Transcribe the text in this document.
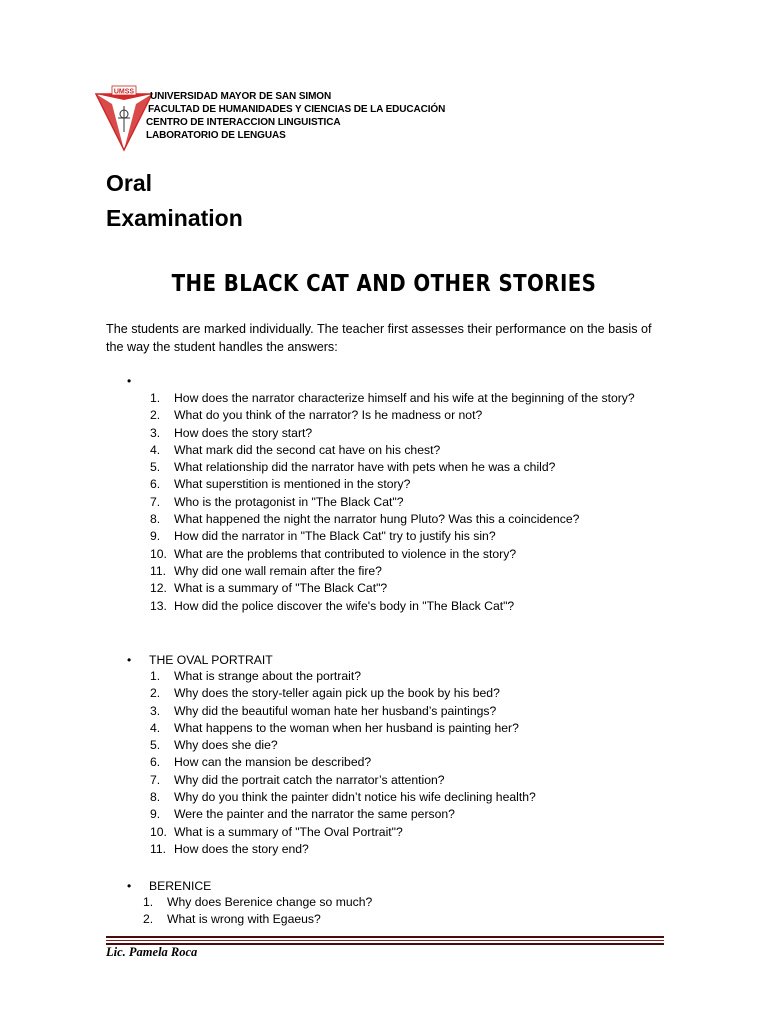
UMSS UNIVERSIDAD MAYOR DE SAN SIMON
FACULTAD DE HUMANIDADES Y CIENCIAS DE LA EDUCACIÓN
CENTRO DE INTERACCION LINGUISTICA
LABORATORIO DE LENGUAS
Oral
Examination
THE BLACK CAT AND OTHER STORIES
The students are marked individually. The teacher first assesses their performance on the basis of the way the student handles the answers:
•
1. How does the narrator characterize himself and his wife at the beginning of the story?
2. What do you think of the narrator? Is he madness or not?
3. How does the story start?
4. What mark did the second cat have on his chest?
5. What relationship did the narrator have with pets when he was a child?
6. What superstition is mentioned in the story?
7. Who is the protagonist in "The Black Cat"?
8. What happened the night the narrator hung Pluto? Was this a coincidence?
9. How did the narrator in "The Black Cat" try to justify his sin?
10. What are the problems that contributed to violence in the story?
11. Why did one wall remain after the fire?
12. What is a summary of "The Black Cat"?
13. How did the police discover the wife's body in "The Black Cat"?
• THE OVAL PORTRAIT
1. What is strange about the portrait?
2. Why does the story-teller again pick up the book by his bed?
3. Why did the beautiful woman hate her husband’s paintings?
4. What happens to the woman when her husband is painting her?
5. Why does she die?
6. How can the mansion be described?
7. Why did the portrait catch the narrator’s attention?
8. Why do you think the painter didn’t notice his wife declining health?
9. Were the painter and the narrator the same person?
10. What is a summary of "The Oval Portrait"?
11. How does the story end?
• BERENICE
1. Why does Berenice change so much?
2. What is wrong with Egaeus?
Lic. Pamela Roca
